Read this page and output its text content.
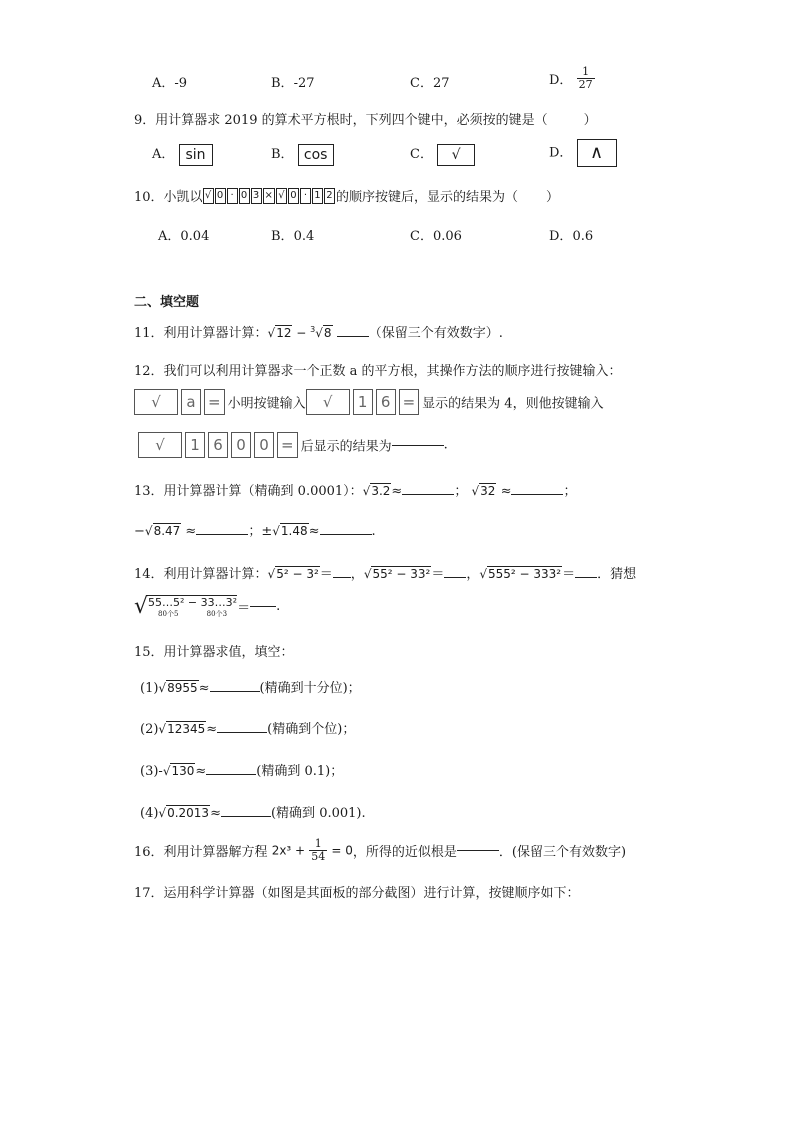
A．-9	B．-27	C．27	D． $\frac{1}{27}$
9．用计算器求 2019 的算术平方根时，下列四个键中，必须按的键是（	）
A． sin	B． cos	C． √	D． ∧
10．小凯以 √ 0 · 0 3 × √ 0 · 1 2 的顺序按键后，显示的结果为（ ）
A．0.04	B．0.4	C．0.06	D．0.6
二、填空题
11．利用计算器计算：√12 − $^3$√8	（保留三个有效数字）.
12．我们可以利用计算器求一个正数 a 的平方根，其操作方法的顺序进行按键输入：
√ a = 小明按键输入 √ 1 6 = 显示的结果为 4，则他按键输入
√ 1 6 0 0 = 后显示的结果为	.
13．用计算器计算（精确到 0.0001）：√3.2≈	； √32 ≈	；
−√8.47 ≈	；±√1.48≈	.
14．利用计算器计算：√5² − 3²＝ ，√55² − 33²＝ ，√555² − 333²＝ ．猜想
√ 55…5² − 33…3²
80个5	80个3 ＝ .
15．用计算器求值，填空：
(1)√8955≈	(精确到十分位)；
(2)√12345≈	(精确到个位)；
(3)-√130≈	(精确到 0.1)；
(4)√0.2013≈	(精确到 0.001).
16．利用计算器解方程 $2x^3 + \frac{1}{54} = 0$，所得的近似根是	．(保留三个有效数字)
17．运用科学计算器（如图是其面板的部分截图）进行计算，按键顺序如下：
